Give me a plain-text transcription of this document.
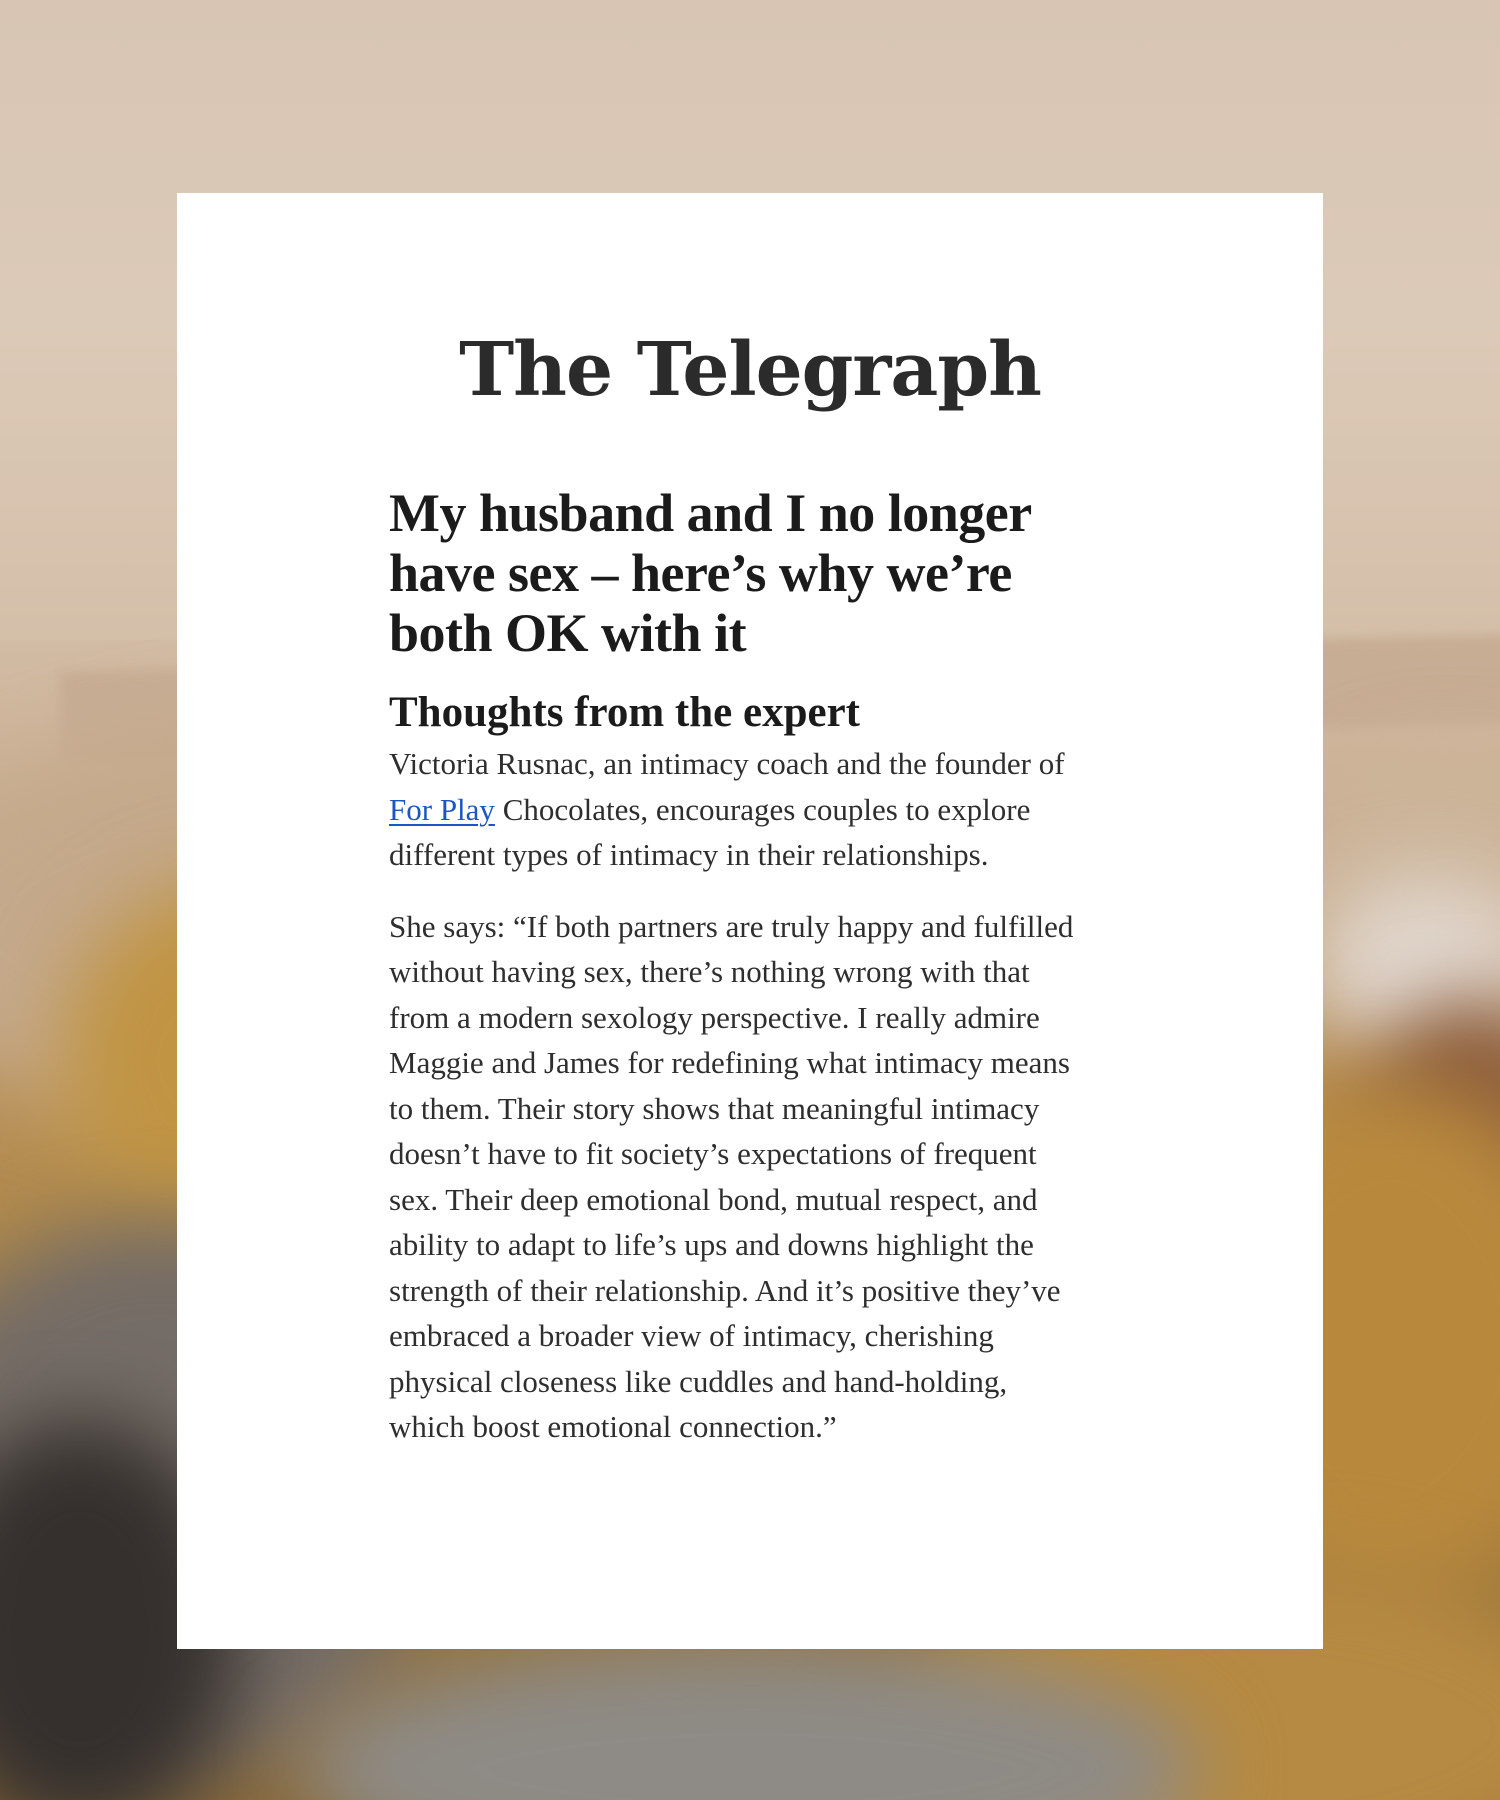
The Telegraph
My husband and I no longer have sex – here’s why we’re both OK with it
Thoughts from the expert

Victoria Rusnac, an intimacy coach and the founder of For Play Chocolates, encourages couples to explore different types of intimacy in their relationships.

She says: “If both partners are truly happy and fulfilled without having sex, there’s nothing wrong with that from a modern sexology perspective. I really admire Maggie and James for redefining what intimacy means to them. Their story shows that meaningful intimacy doesn’t have to fit society’s expectations of frequent sex. Their deep emotional bond, mutual respect, and ability to adapt to life’s ups and downs highlight the strength of their relationship. And it’s positive they’ve embraced a broader view of intimacy, cherishing physical closeness like cuddles and hand-holding, which boost emotional connection.”
